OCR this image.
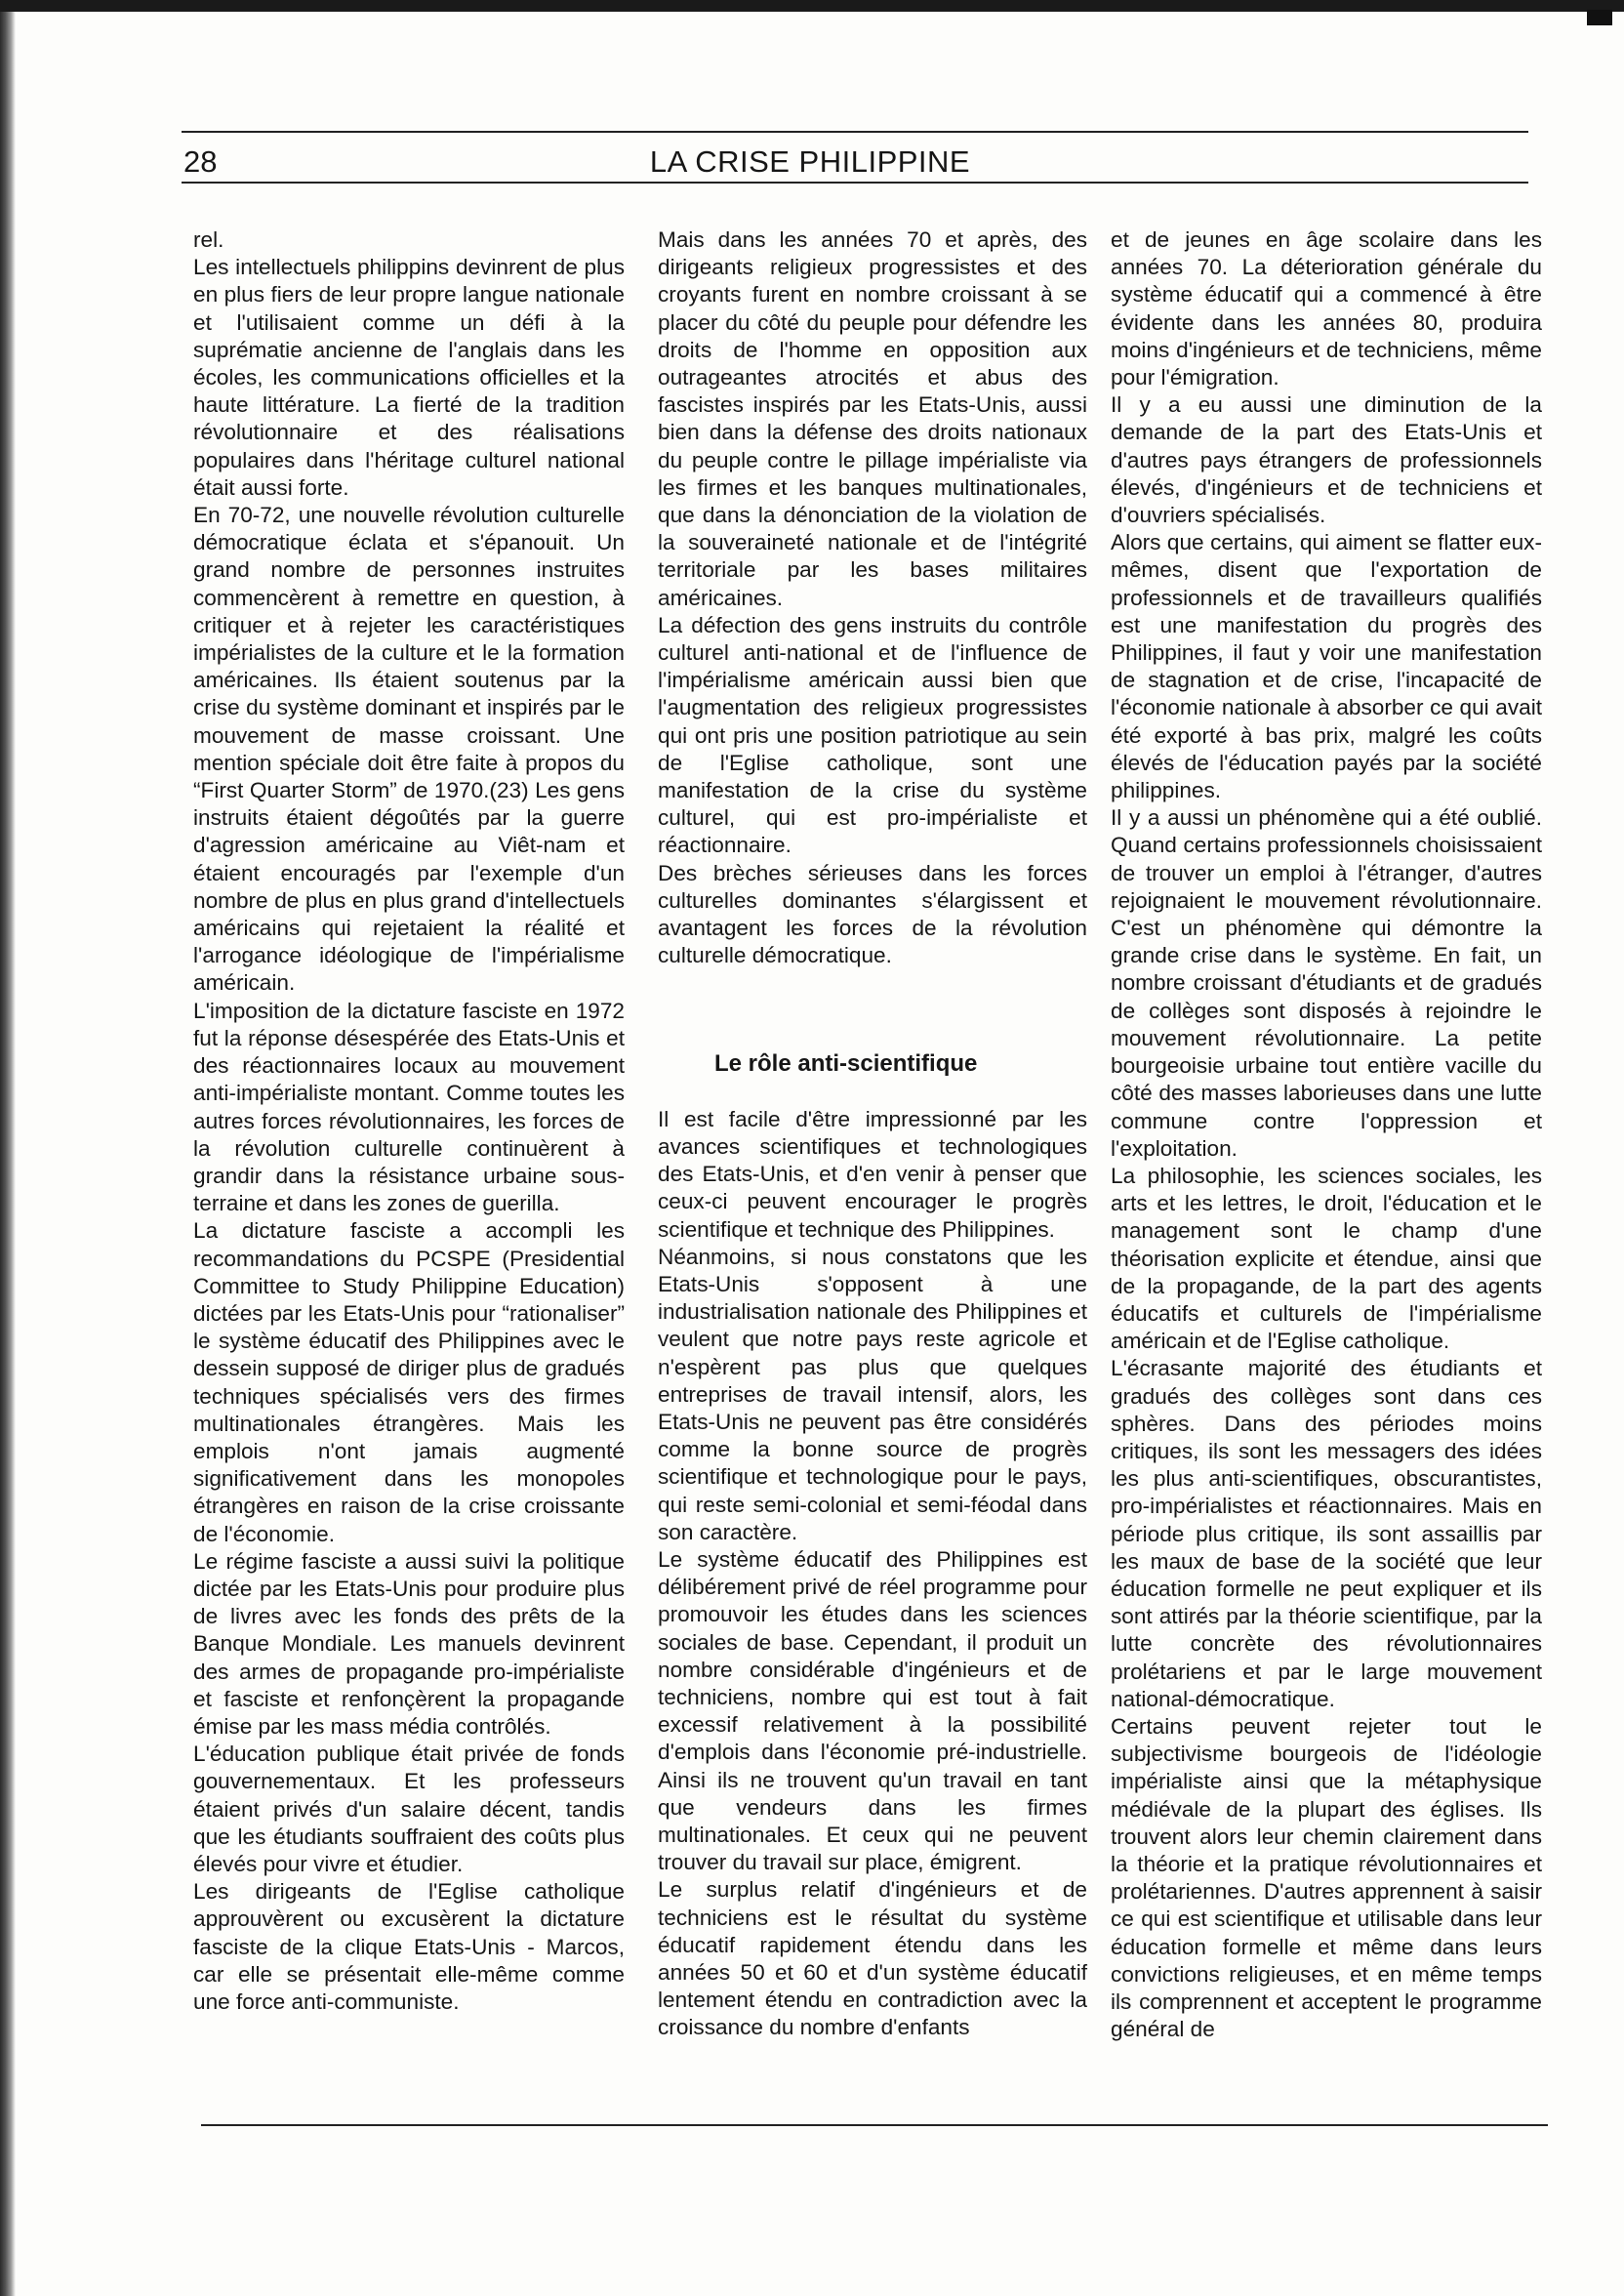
28	LA CRISE PHILIPPINE

rel.

Les intellectuels philippins devinrent de plus en plus fiers de leur propre langue nationale et l'utilisaient comme un défi à la suprématie ancienne de l'anglais dans les écoles, les communications officielles et la haute littérature. La fierté de la tradition révolutionnaire et des réalisations populaires dans l'héritage culturel national était aussi forte.

En 70-72, une nouvelle révolution culturelle démocratique éclata et s'épanouit. Un grand nombre de personnes instruites commencèrent à remettre en question, à critiquer et à rejeter les caractéristiques impérialistes de la culture et le la formation américaines. Ils étaient soutenus par la crise du système dominant et inspirés par le mouvement de masse croissant. Une mention spéciale doit être faite à propos du “First Quarter Storm” de 1970.(23) Les gens instruits étaient dégoûtés par la guerre d'agression américaine au Viêt-nam et étaient encouragés par l'exemple d'un nombre de plus en plus grand d'intellectuels américains qui rejetaient la réalité et l'arrogance idéologique de l'impérialisme américain.

L'imposition de la dictature fasciste en 1972 fut la réponse désespérée des Etats-Unis et des réactionnaires locaux au mouvement anti-impérialiste montant. Comme toutes les autres forces révolutionnaires, les forces de la révolution culturelle continuèrent à grandir dans la résistance urbaine sous-terraine et dans les zones de guerilla.

La dictature fasciste a accompli les recommandations du PCSPE (Presidential Committee to Study Philippine Education) dictées par les Etats-Unis pour “rationaliser” le système éducatif des Philippines avec le dessein supposé de diriger plus de gradués techniques spécialisés vers des firmes multinationales étrangères. Mais les emplois n'ont jamais augmenté significativement dans les monopoles étrangères en raison de la crise croissante de l'économie.

Le régime fasciste a aussi suivi la politique dictée par les Etats-Unis pour produire plus de livres avec les fonds des prêts de la Banque Mondiale. Les manuels devinrent des armes de propagande pro-impérialiste et fasciste et renfonçèrent la propagande émise par les mass média contrôlés.

L'éducation publique était privée de fonds gouvernementaux. Et les professeurs étaient privés d'un salaire décent, tandis que les étudiants souffraient des coûts plus élevés pour vivre et étudier.

Les dirigeants de l'Eglise catholique approuvèrent ou excusèrent la dictature fasciste de la clique Etats-Unis - Marcos, car elle se présentait elle-même comme une force anti-communiste.

Mais dans les années 70 et après, des dirigeants religieux progressistes et des croyants furent en nombre croissant à se placer du côté du peuple pour défendre les droits de l'homme en opposition aux outrageantes atrocités et abus des fascistes inspirés par les Etats-Unis, aussi bien dans la défense des droits nationaux du peuple contre le pillage impérialiste via les firmes et les banques multinationales, que dans la dénonciation de la violation de la souveraineté nationale et de l'intégrité territoriale par les bases militaires américaines.

La défection des gens instruits du contrôle culturel anti-national et de l'influence de l'impérialisme américain aussi bien que l'augmentation des religieux progressistes qui ont pris une position patriotique au sein de l'Eglise catholique, sont une manifestation de la crise du système culturel, qui est pro-impérialiste et réactionnaire.

Des brèches sérieuses dans les forces culturelles dominantes s'élargissent et avantagent les forces de la révolution culturelle démocratique.

Le rôle anti-scientifique

Il est facile d'être impressionné par les avances scientifiques et technologiques des Etats-Unis, et d'en venir à penser que ceux-ci peuvent encourager le progrès scientifique et technique des Philippines.

Néanmoins, si nous constatons que les Etats-Unis s'opposent à une industrialisation nationale des Philippines et veulent que notre pays reste agricole et n'espèrent pas plus que quelques entreprises de travail intensif, alors, les Etats-Unis ne peuvent pas être considérés comme la bonne source de progrès scientifique et technologique pour le pays, qui reste semi-colonial et semi-féodal dans son caractère.

Le système éducatif des Philippines est délibérement privé de réel programme pour promouvoir les études dans les sciences sociales de base. Cependant, il produit un nombre considérable d'ingénieurs et de techniciens, nombre qui est tout à fait excessif relativement à la possibilité d'emplois dans l'économie pré-industrielle. Ainsi ils ne trouvent qu'un travail en tant que vendeurs dans les firmes multinationales. Et ceux qui ne peuvent trouver du travail sur place, émigrent.

Le surplus relatif d'ingénieurs et de techniciens est le résultat du système éducatif rapidement étendu dans les années 50 et 60 et d'un système éducatif lentement étendu en contradiction avec la croissance du nombre d'enfants

et de jeunes en âge scolaire dans les années 70. La déterioration générale du système éducatif qui a commencé à être évidente dans les années 80, produira moins d'ingénieurs et de techniciens, même pour l'émigration.

Il y a eu aussi une diminution de la demande de la part des Etats-Unis et d'autres pays étrangers de professionnels élevés, d'ingénieurs et de techniciens et d'ouvriers spécialisés.

Alors que certains, qui aiment se flatter eux-mêmes, disent que l'exportation de professionnels et de travailleurs qualifiés est une manifestation du progrès des Philippines, il faut y voir une manifestation de stagnation et de crise, l'incapacité de l'économie nationale à absorber ce qui avait été exporté à bas prix, malgré les coûts élevés de l'éducation payés par la société philippines.

Il y a aussi un phénomène qui a été oublié. Quand certains professionnels choisissaient de trouver un emploi à l'étranger, d'autres rejoignaient le mouvement révolutionnaire. C'est un phénomène qui démontre la grande crise dans le système. En fait, un nombre croissant d'étudiants et de gradués de collèges sont disposés à rejoindre le mouvement révolutionnaire. La petite bourgeoisie urbaine tout entière vacille du côté des masses laborieuses dans une lutte commune contre l'oppression et l'exploitation.

La philosophie, les sciences sociales, les arts et les lettres, le droit, l'éducation et le management sont le champ d'une théorisation explicite et étendue, ainsi que de la propagande, de la part des agents éducatifs et culturels de l'impérialisme américain et de l'Eglise catholique.

L'écrasante majorité des étudiants et gradués des collèges sont dans ces sphères. Dans des périodes moins critiques, ils sont les messagers des idées les plus anti-scientifiques, obscurantistes, pro-impérialistes et réactionnaires. Mais en période plus critique, ils sont assaillis par les maux de base de la société que leur éducation formelle ne peut expliquer et ils sont attirés par la théorie scientifique, par la lutte concrète des révolutionnaires prolétariens et par le large mouvement national-démocratique.

Certains peuvent rejeter tout le subjectivisme bourgeois de l'idéologie impérialiste ainsi que la métaphysique médiévale de la plupart des églises. Ils trouvent alors leur chemin clairement dans la théorie et la pratique révolutionnaires et prolétariennes. D'autres apprennent à saisir ce qui est scientifique et utilisable dans leur éducation formelle et même dans leurs convictions religieuses, et en même temps ils comprennent et acceptent le programme général de
